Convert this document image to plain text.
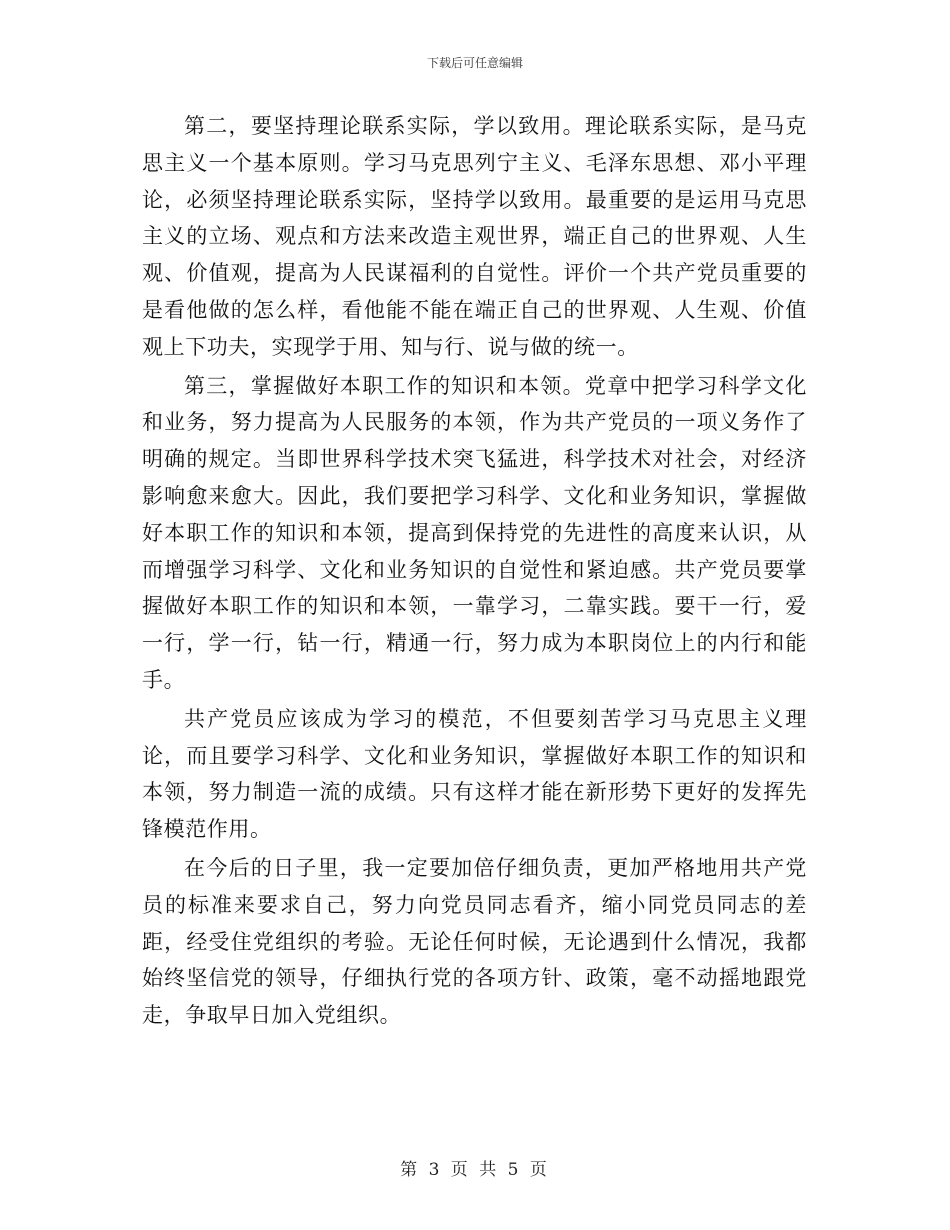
下载后可任意编辑

第二，要坚持理论联系实际，学以致用。理论联系实际，是马克思主义一个基本原则。学习马克思列宁主义、毛泽东思想、邓小平理论，必须坚持理论联系实际，坚持学以致用。最重要的是运用马克思主义的立场、观点和方法来改造主观世界，端正自己的世界观、人生观、价值观，提高为人民谋福利的自觉性。评价一个共产党员重要的是看他做的怎么样，看他能不能在端正自己的世界观、人生观、价值观上下功夫，实现学于用、知与行、说与做的统一。

第三，掌握做好本职工作的知识和本领。党章中把学习科学文化和业务，努力提高为人民服务的本领，作为共产党员的一项义务作了明确的规定。当即世界科学技术突飞猛进，科学技术对社会，对经济影响愈来愈大。因此，我们要把学习科学、文化和业务知识，掌握做好本职工作的知识和本领，提高到保持党的先进性的高度来认识，从而增强学习科学、文化和业务知识的自觉性和紧迫感。共产党员要掌握做好本职工作的知识和本领，一靠学习，二靠实践。要干一行，爱一行，学一行，钻一行，精通一行，努力成为本职岗位上的内行和能手。

共产党员应该成为学习的模范，不但要刻苦学习马克思主义理论，而且要学习科学、文化和业务知识，掌握做好本职工作的知识和本领，努力制造一流的成绩。只有这样才能在新形势下更好的发挥先锋模范作用。

在今后的日子里，我一定要加倍仔细负责，更加严格地用共产党员的标准来要求自己，努力向党员同志看齐，缩小同党员同志的差距，经受住党组织的考验。无论任何时候，无论遇到什么情况，我都始终坚信党的领导，仔细执行党的各项方针、政策，毫不动摇地跟党走，争取早日加入党组织。

第 3 页 共 5 页
